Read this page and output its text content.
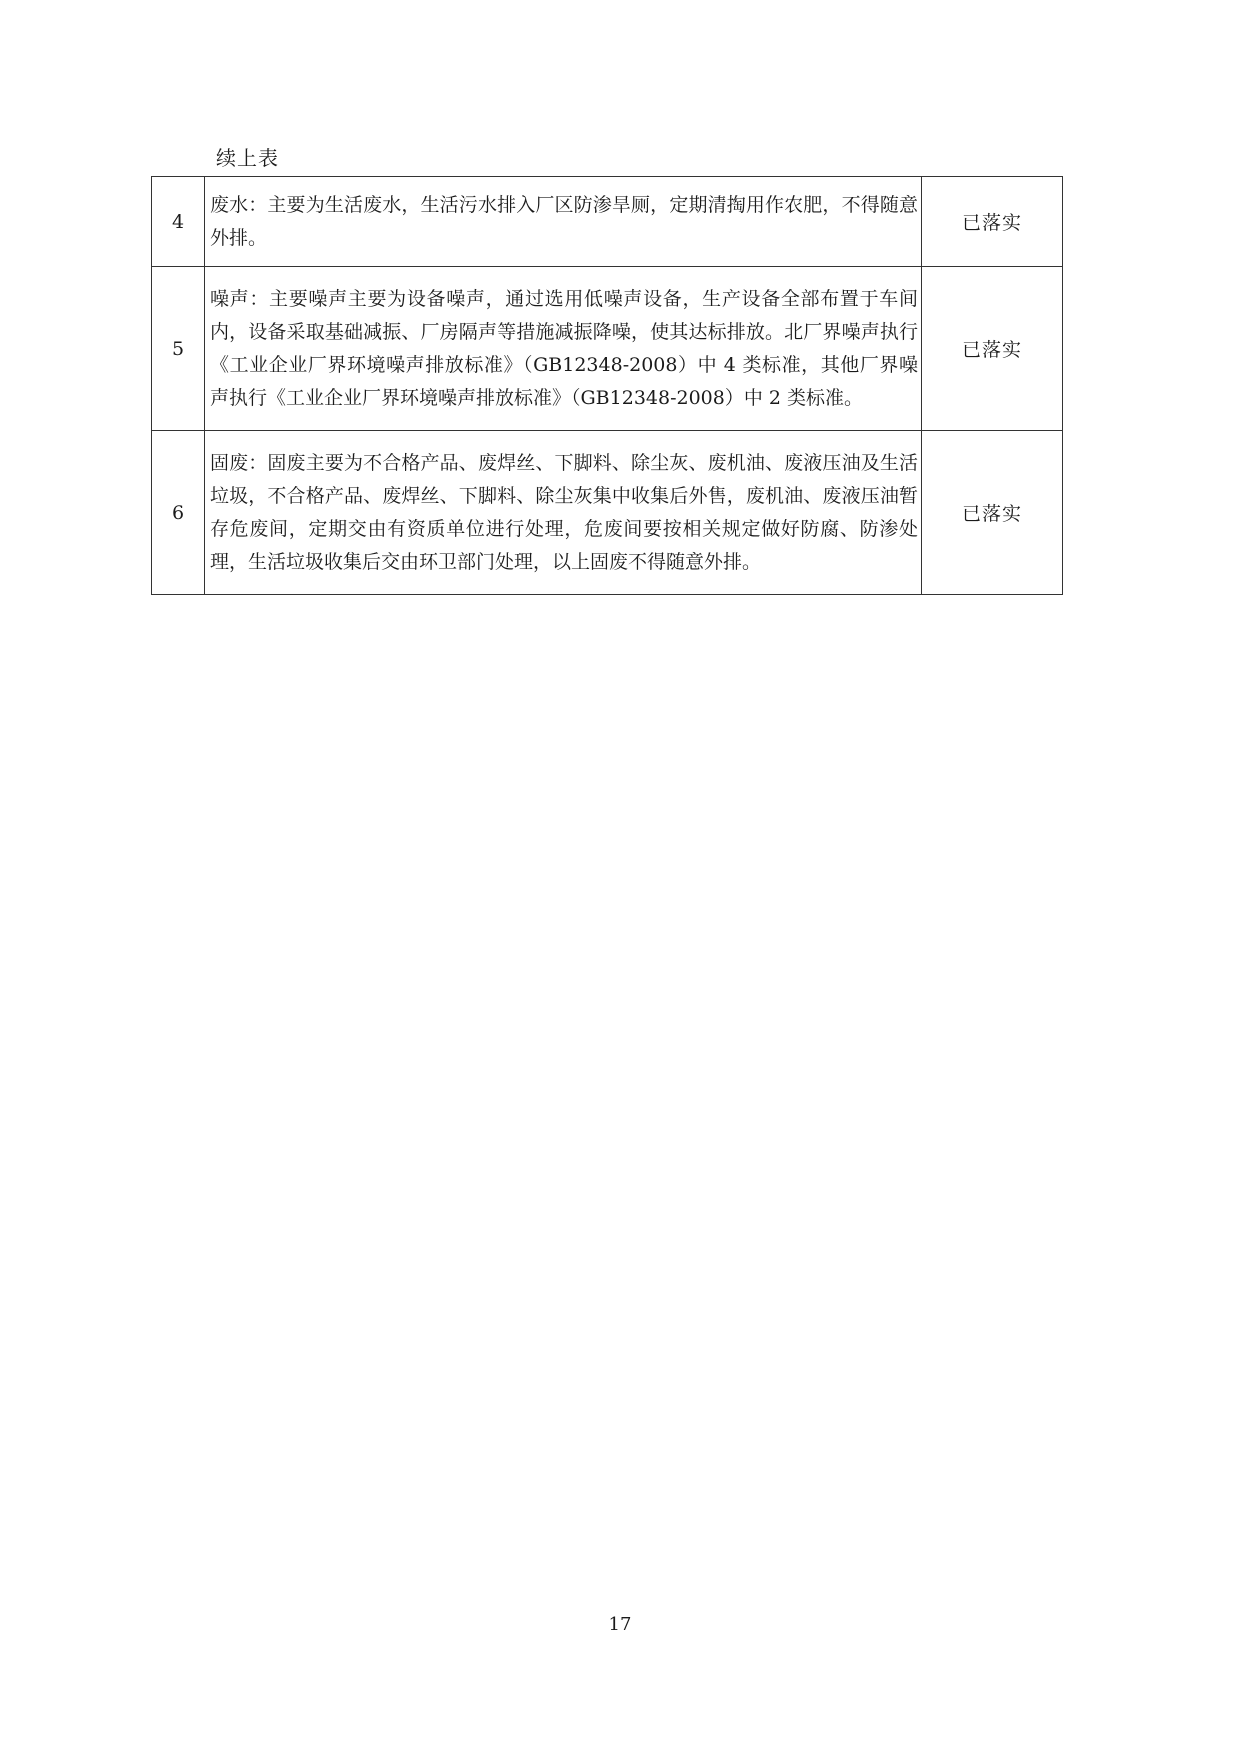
续上表
4	废水：主要为生活废水，生活污水排入厂区防渗旱厕，定期清掏用作农肥，不得随意外排。	已落实
5	噪声：主要噪声主要为设备噪声，通过选用低噪声设备，生产设备全部布置于车间内，设备采取基础减振、厂房隔声等措施减振降噪，使其达标排放。北厂界噪声执行《工业企业厂界环境噪声排放标准》（GB12348-2008）中 4 类标准，其他厂界噪声执行《工业企业厂界环境噪声排放标准》（GB12348-2008）中 2 类标准。	已落实
6	固废：固废主要为不合格产品、废焊丝、下脚料、除尘灰、废机油、废液压油及生活垃圾，不合格产品、废焊丝、下脚料、除尘灰集中收集后外售，废机油、废液压油暂存危废间，定期交由有资质单位进行处理，危废间要按相关规定做好防腐、防渗处理，生活垃圾收集后交由环卫部门处理，以上固废不得随意外排。	已落实
17
